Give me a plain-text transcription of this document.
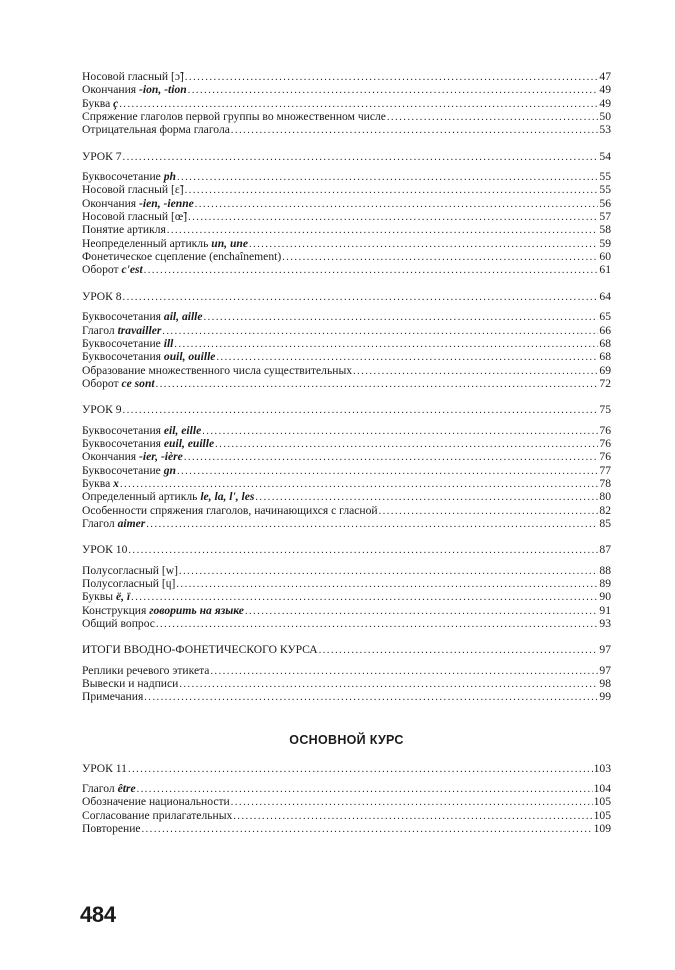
Носовой гласный [ɔ̃] .....	47
Окончания -ion, -tion .....	49
Буква ç .....	49
Спряжение глаголов первой группы во множественном числе .....	50
Отрицательная форма глагола .....	53
УРОК 7 .....	54
Буквосочетание ph .....	55
Носовой гласный [ɛ̃] .....	55
Окончания -ien, -ienne .....	56
Носовой гласный [œ̃] .....	57
Понятие артикля .....	58
Неопределенный артикль un, une .....	59
Фонетическое сцепление (enchaînement) .....	60
Оборот c'est .....	61
УРОК 8 .....	64
Буквосочетания ail, aille .....	65
Глагол travailler .....	66
Буквосочетание ill .....	68
Буквосочетания ouil, ouille .....	68
Образование множественного числа существительных .....	69
Оборот ce sont .....	72
УРОК 9 .....	75
Буквосочетания eil, eille .....	76
Буквосочетания euil, euille .....	76
Окончания -ier, -ière .....	76
Буквосочетание gn .....	77
Буква x .....	78
Определенный артикль le, la, l', les .....	80
Особенности спряжения глаголов, начинающихся с гласной .....	82
Глагол aimer .....	85
УРОК 10 .....	87
Полусогласный [w] .....	88
Полусогласный [ɥ] .....	89
Буквы ë, ï .....	90
Конструкция говорить на языке .....	91
Общий вопрос .....	93
ИТОГИ ВВОДНО-ФОНЕТИЧЕСКОГО КУРСА .....	97
Реплики речевого этикета .....	97
Вывески и надписи .....	98
Примечания .....	99
ОСНОВНОЙ КУРС
УРОК 11 .....	103
Глагол être .....	104
Обозначение национальности .....	105
Согласование прилагательных .....	105
Повторение .....	109
484
